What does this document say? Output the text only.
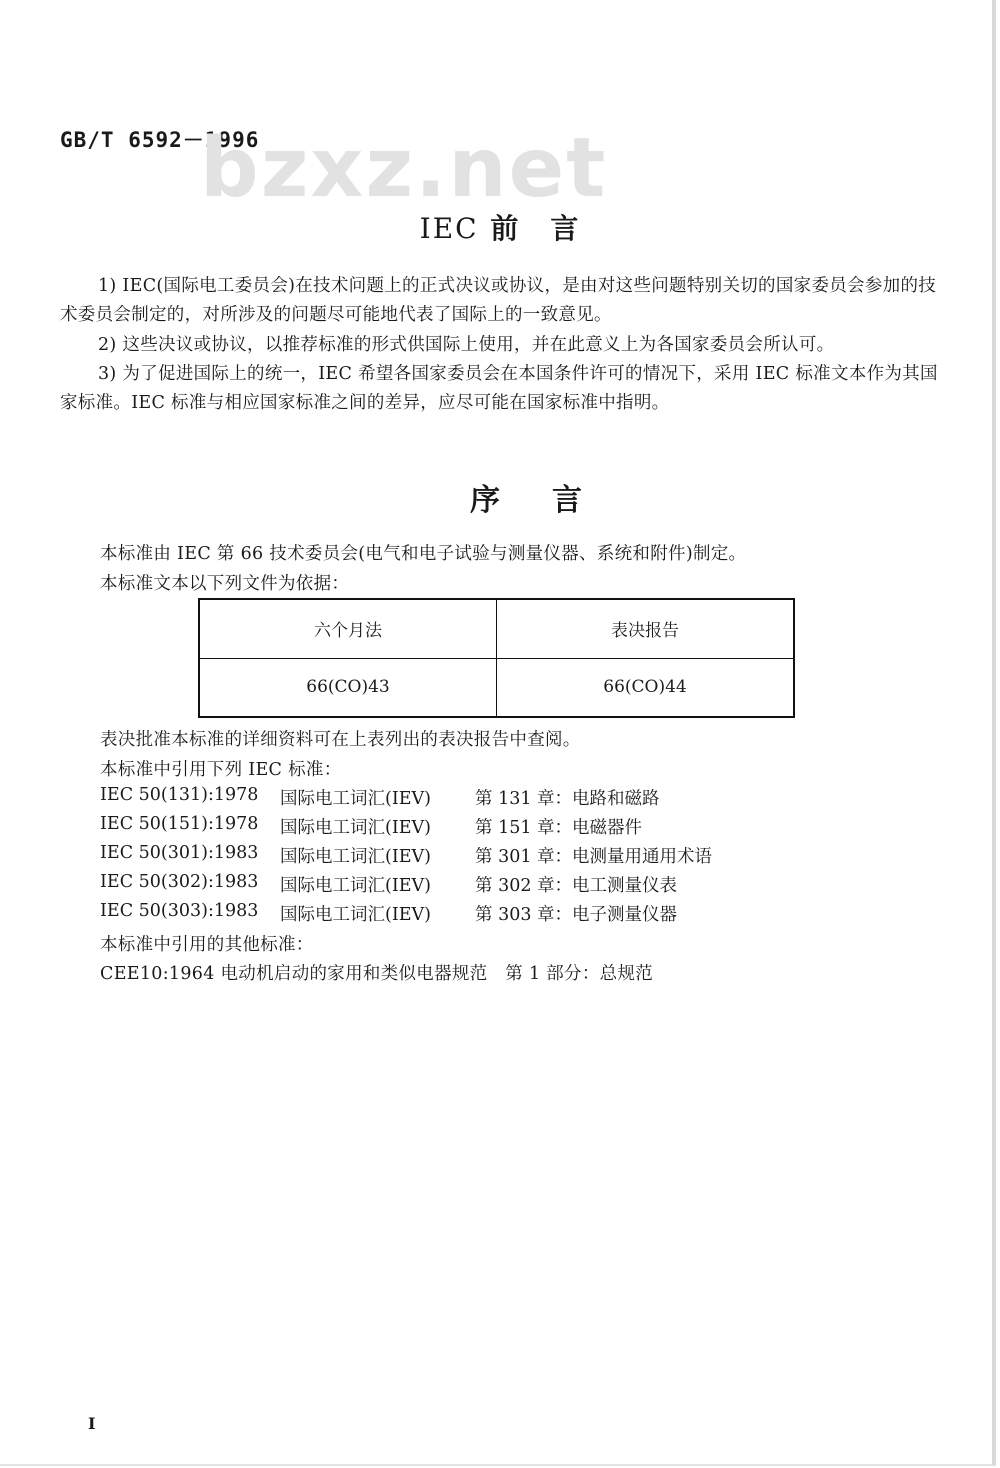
GB/T 6592－1996
bzxz.net
IEC 前　言
1) IEC(国际电工委员会)在技术问题上的正式决议或协议，是由对这些问题特别关切的国家委员会参加的技术委员会制定的，对所涉及的问题尽可能地代表了国际上的一致意见。
2) 这些决议或协议，以推荐标准的形式供国际上使用，并在此意义上为各国家委员会所认可。
3) 为了促进国际上的统一，IEC 希望各国家委员会在本国条件许可的情况下，采用 IEC 标准文本作为其国家标准。IEC 标准与相应国家标准之间的差异，应尽可能在国家标准中指明。
序言
本标准由 IEC 第 66 技术委员会(电气和电子试验与测量仪器、系统和附件)制定。
本标准文本以下列文件为依据：
六个月法	表决报告
66(CO)43	66(CO)44
表决批准本标准的详细资料可在上表列出的表决报告中查阅。
本标准中引用下列 IEC 标准：
IEC 50(131):1978 国际电工词汇(IEV)	第 131 章：电路和磁路
IEC 50(151):1978 国际电工词汇(IEV)	第 151 章：电磁器件
IEC 50(301):1983 国际电工词汇(IEV)	第 301 章：电测量用通用术语
IEC 50(302):1983 国际电工词汇(IEV)	第 302 章：电工测量仪表
IEC 50(303):1983 国际电工词汇(IEV)	第 303 章：电子测量仪器
本标准中引用的其他标准：
CEE10:1964 电动机启动的家用和类似电器规范　第 1 部分：总规范
I
